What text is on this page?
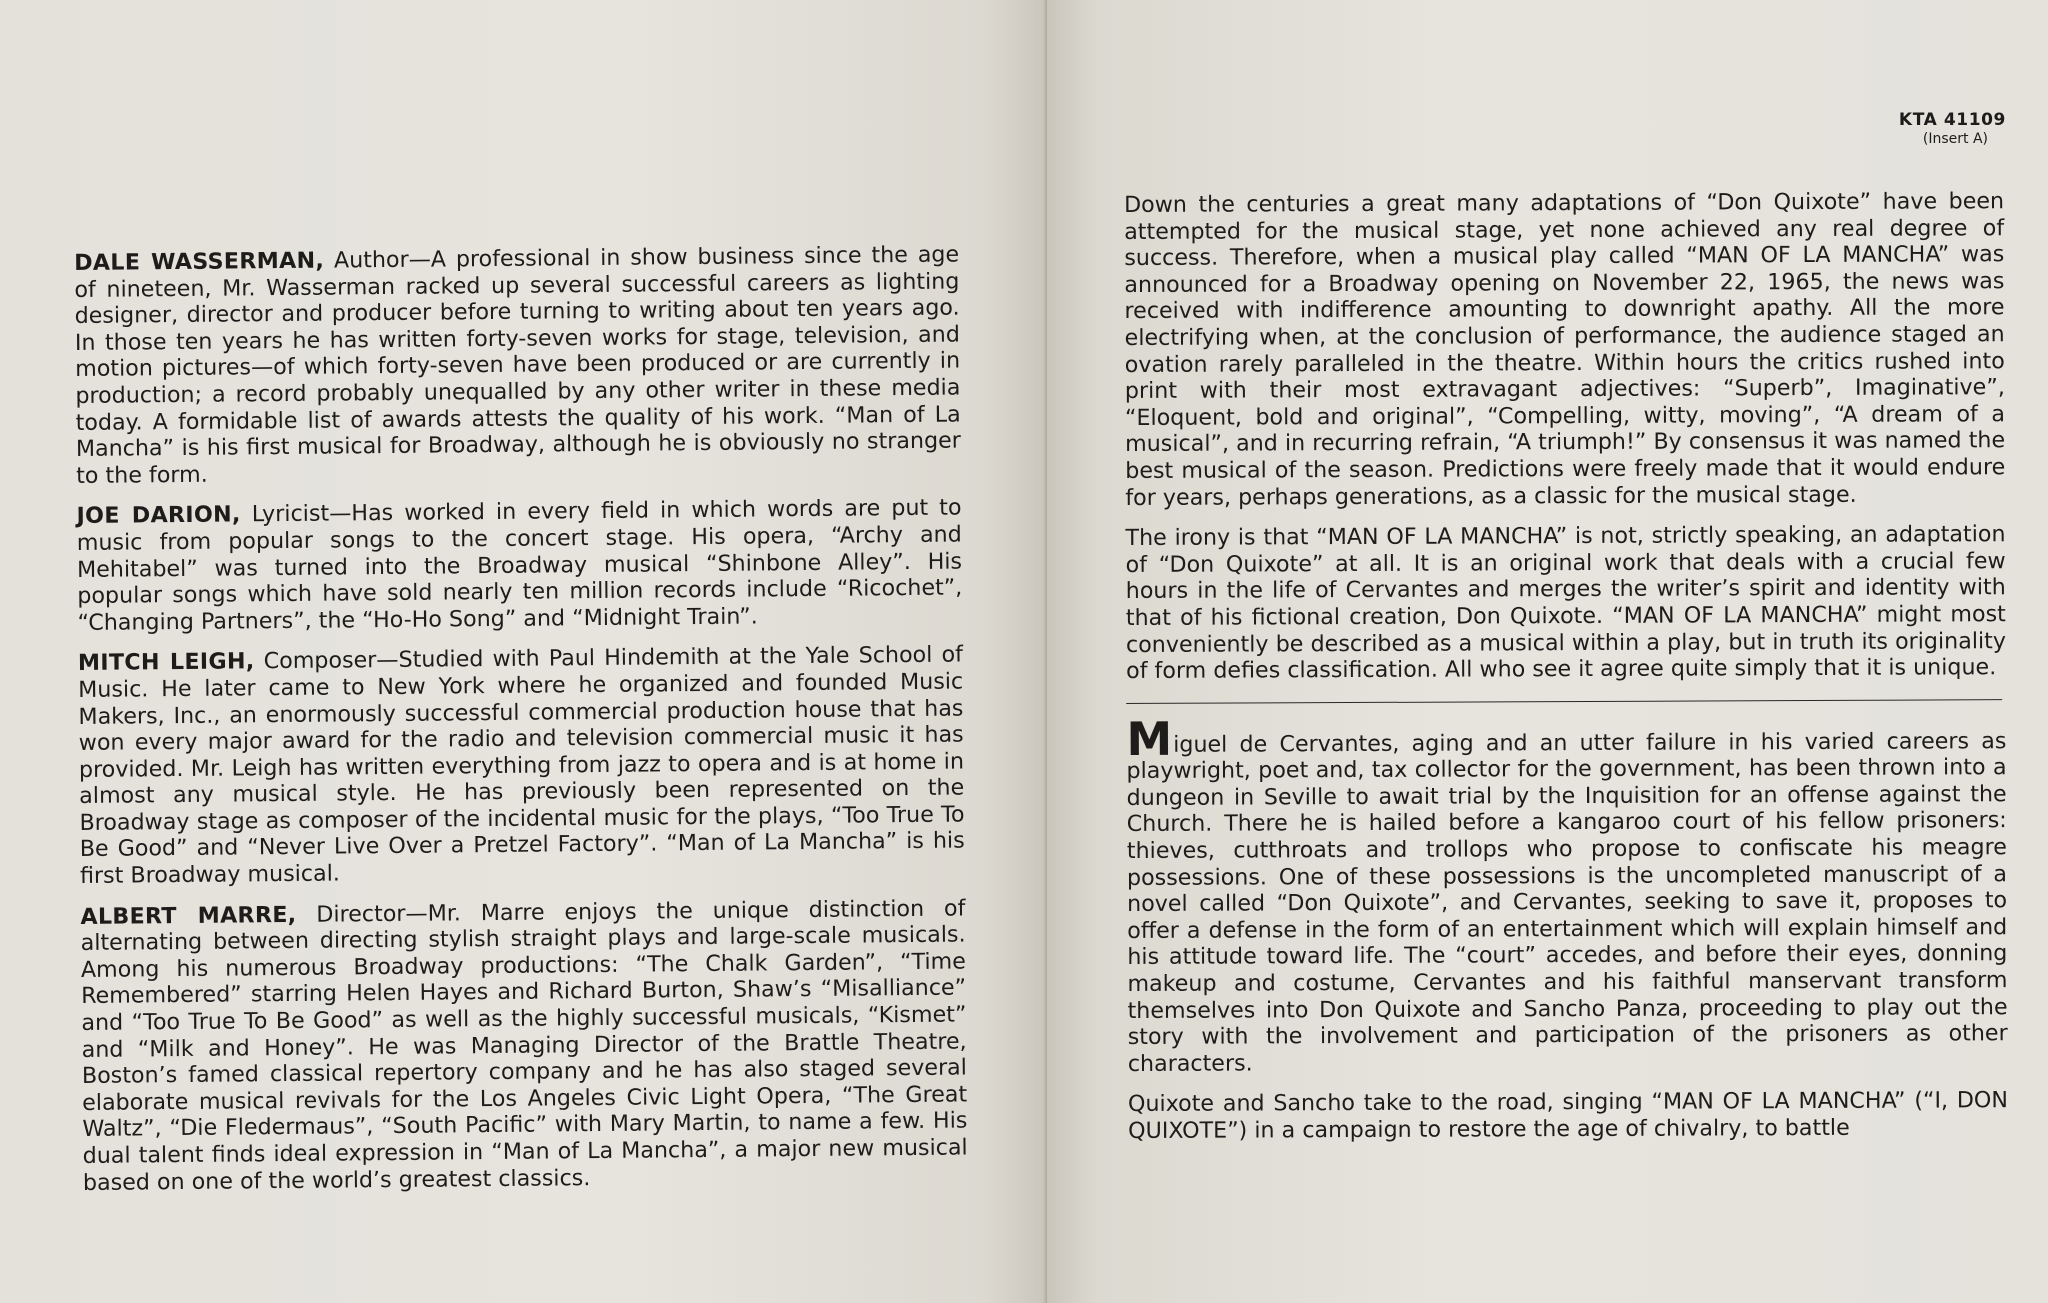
DALE WASSERMAN, Author—A professional in show business since the age of nineteen, Mr. Wasserman racked up several successful careers as lighting designer, director and producer before turning to writing about ten years ago. In those ten years he has written forty-seven works for stage, television, and motion pictures—of which forty-seven have been produced or are currently in production; a record probably unequalled by any other writer in these media today. A formidable list of awards attests the quality of his work. “Man of La Mancha” is his first musical for Broadway, although he is obviously no stranger to the form.

JOE DARION, Lyricist—Has worked in every field in which words are put to music from popular songs to the concert stage. His opera, “Archy and Mehitabel” was turned into the Broadway musical “Shinbone Alley”. His popular songs which have sold nearly ten million records include “Ricochet”, “Changing Partners”, the “Ho-Ho Song” and “Midnight Train”.

MITCH LEIGH, Composer—Studied with Paul Hindemith at the Yale School of Music. He later came to New York where he organized and founded Music Makers, Inc., an enormously successful commercial production house that has won every major award for the radio and television commercial music it has provided. Mr. Leigh has written everything from jazz to opera and is at home in almost any musical style. He has previously been represented on the Broadway stage as composer of the incidental music for the plays, “Too True To Be Good” and “Never Live Over a Pretzel Factory”. “Man of La Mancha” is his first Broadway musical.

ALBERT MARRE, Director—Mr. Marre enjoys the unique distinction of alternating between directing stylish straight plays and large-scale musicals. Among his numerous Broadway productions: “The Chalk Garden”, “Time Remembered” starring Helen Hayes and Richard Burton, Shaw’s “Misalliance” and “Too True To Be Good” as well as the highly successful musicals, “Kismet” and “Milk and Honey”. He was Managing Director of the Brattle Theatre, Boston’s famed classical repertory company and he has also staged several elaborate musical revivals for the Los Angeles Civic Light Opera, “The Great Waltz”, “Die Fledermaus”, “South Pacific” with Mary Martin, to name a few. His dual talent finds ideal expression in “Man of La Mancha”, a major new musical based on one of the world’s greatest classics.

KTA 41109
(Insert A)

Down the centuries a great many adaptations of “Don Quixote” have been attempted for the musical stage, yet none achieved any real degree of success. Therefore, when a musical play called “MAN OF LA MANCHA” was announced for a Broadway opening on November 22, 1965, the news was received with indifference amounting to downright apathy. All the more electrifying when, at the conclusion of performance, the audience staged an ovation rarely paralleled in the theatre. Within hours the critics rushed into print with their most extravagant adjectives: “Superb”, Imaginative”, “Eloquent, bold and original”, “Compelling, witty, moving”, “A dream of a musical”, and in recurring refrain, “A triumph!” By consensus it was named the best musical of the season. Predictions were freely made that it would endure for years, perhaps generations, as a classic for the musical stage.

The irony is that “MAN OF LA MANCHA” is not, strictly speaking, an adaptation of “Don Quixote” at all. It is an original work that deals with a crucial few hours in the life of Cervantes and merges the writer’s spirit and identity with that of his fictional creation, Don Quixote. “MAN OF LA MANCHA” might most conveniently be described as a musical within a play, but in truth its originality of form defies classification. All who see it agree quite simply that it is unique.

Miguel de Cervantes, aging and an utter failure in his varied careers as playwright, poet and, tax collector for the government, has been thrown into a dungeon in Seville to await trial by the Inquisition for an offense against the Church. There he is hailed before a kangaroo court of his fellow prisoners: thieves, cutthroats and trollops who propose to confiscate his meagre possessions. One of these possessions is the uncompleted manuscript of a novel called “Don Quixote”, and Cervantes, seeking to save it, proposes to offer a defense in the form of an entertainment which will explain himself and his attitude toward life. The “court” accedes, and before their eyes, donning makeup and costume, Cervantes and his faithful manservant transform themselves into Don Quixote and Sancho Panza, proceeding to play out the story with the involvement and participation of the prisoners as other characters.

Quixote and Sancho take to the road, singing “MAN OF LA MANCHA” (“I, DON QUIXOTE”) in a campaign to restore the age of chivalry, to battle
